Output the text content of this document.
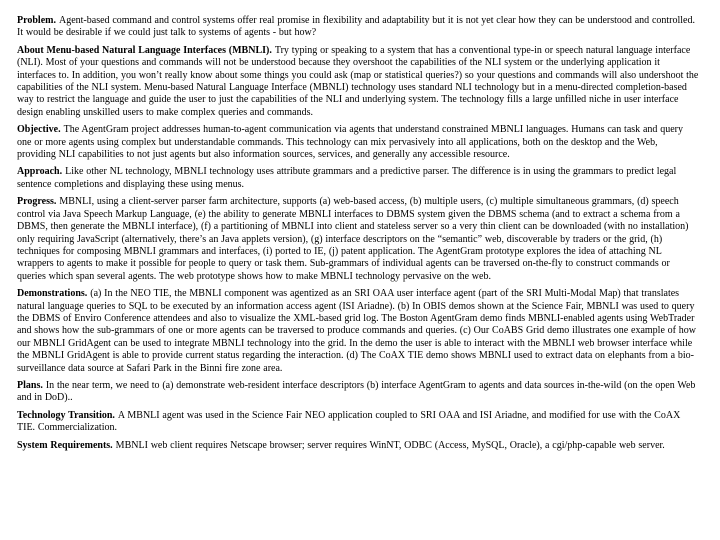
Problem. Agent-based command and control systems offer real promise in flexibility and adaptability but it is not yet clear how they can be understood and controlled. It would be desirable if we could just talk to systems of agents - but how?

About Menu-based Natural Language Interfaces (MBNLI). Try typing or speaking to a system that has a conventional type-in or speech natural language interface (NLI). Most of your questions and commands will not be understood because they overshoot the capabilities of the NLI system or the underlying application it interfaces to. In addition, you won’t really know about some things you could ask (map or statistical queries?) so your questions and commands will also undershoot the capabilities of the NLI system. Menu-based Natural Language Interface (MBNLI) technology uses standard NLI technology but in a menu-directed completion-based way to restrict the language and guide the user to just the capabilities of the NLI and underlying system. The technology fills a large unfilled niche in user interface design enabling unskilled users to make complex queries and commands.

Objective. The AgentGram project addresses human-to-agent communication via agents that understand constrained MBNLI languages. Humans can task and query one or more agents using complex but understandable commands. This technology can mix pervasively into all applications, both on the desktop and the Web, providing NLI capabilities to not just agents but also information sources, services, and generally any accessible resource.

Approach. Like other NL technology, MBNLI technology uses attribute grammars and a predictive parser. The difference is in using the grammars to predict legal sentence completions and displaying these using menus.

Progress. MBNLI, using a client-server parser farm architecture, supports (a) web-based access, (b) multiple users, (c) multiple simultaneous grammars, (d) speech control via Java Speech Markup Language, (e) the ability to generate MBNLI interfaces to DBMS system given the DBMS schema (and to extract a schema from a DBMS, then generate the MBNLI interface), (f) a partitioning of MBNLI into client and stateless server so a very thin client can be downloaded (with no installation) only requiring JavaScript (alternatively, there’s an Java applets version), (g) interface descriptors on the “semantic” web, discoverable by traders or the grid, (h) techniques for composing MBNLI grammars and interfaces, (i) ported to IE, (j) patent application. The AgentGram prototype explores the idea of attaching NL wrappers to agents to make it possible for people to query or task them. Sub-grammars of individual agents can be traversed on-the-fly to construct commands or queries which span several agents. The web prototype shows how to make MBNLI technology pervasive on the web.

Demonstrations. (a) In the NEO TIE, the MBNLI component was agentized as an SRI OAA user interface agent (part of the SRI Multi-Modal Map) that translates natural language queries to SQL to be executed by an information access agent (ISI Ariadne). (b) In OBIS demos shown at the Science Fair, MBNLI was used to query the DBMS of Enviro Conference attendees and also to visualize the XML-based grid log. The Boston AgentGram demo finds MBNLI-enabled agents using WebTrader and shows how the sub-grammars of one or more agents can be traversed to produce commands and queries. (c) Our CoABS Grid demo illustrates one example of how our MBNLI GridAgent can be used to integrate MBNLI technology into the grid. In the demo the user is able to interact with the MBNLI web browser interface while the MBNLI GridAgent is able to provide current status regarding the interaction. (d) The CoAX TIE demo shows MBNLI used to extract data on elephants from a bio-surveillance data source at Safari Park in the Binni fire zone area.

Plans. In the near term, we need to (a) demonstrate web-resident interface descriptors (b) interface AgentGram to agents and data sources in-the-wild (on the open Web and in DoD)..

Technology Transition. A MBNLI agent was used in the Science Fair NEO application coupled to SRI OAA and ISI Ariadne, and modified for use with the CoAX TIE. Commercialization.

System Requirements. MBNLI web client requires Netscape browser; server requires WinNT, ODBC (Access, MySQL, Oracle), a cgi/php-capable web server.
